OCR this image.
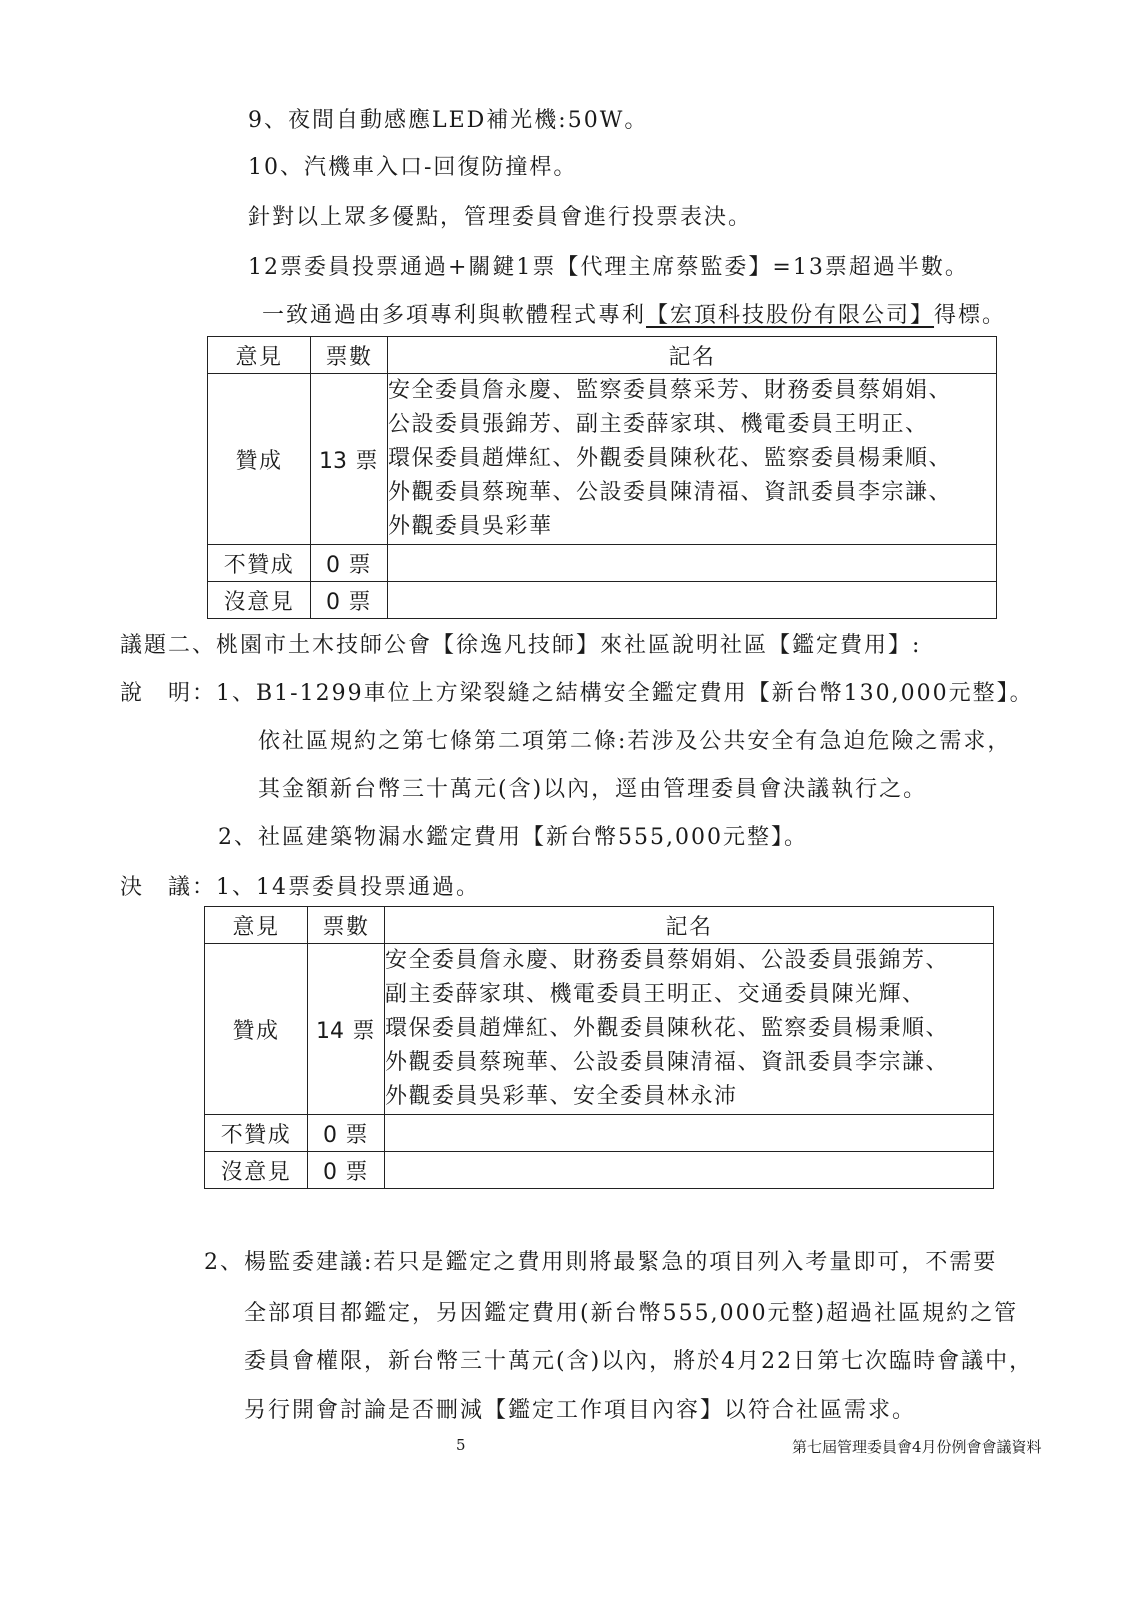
9、夜間自動感應LED補光機:50W。
10、汽機車入口-回復防撞桿。
針對以上眾多優點，管理委員會進行投票表決。
12票委員投票通過+關鍵1票【代理主席蔡監委】=13票超過半數。
一致通過由多項專利與軟體程式專利【宏頂科技股份有限公司】得標。
意見	票數	記名
贊成	13 票	安全委員詹永慶、監察委員蔡采芳、財務委員蔡娟娟、
公設委員張錦芳、副主委薛家琪、機電委員王明正、
環保委員趙燁紅、外觀委員陳秋花、監察委員楊秉順、
外觀委員蔡琬華、公設委員陳清福、資訊委員李宗謙、
外觀委員吳彩華

不贊成	0 票	
沒意見	0 票	
議題二、桃園市土木技師公會【徐逸凡技師】來社區說明社區【鑑定費用】:
說　明：1、B1-1299車位上方梁裂縫之結構安全鑑定費用【新台幣130,000元整】。
依社區規約之第七條第二項第二條:若涉及公共安全有急迫危險之需求，
其金額新台幣三十萬元(含)以內，逕由管理委員會決議執行之。
2、社區建築物漏水鑑定費用【新台幣555,000元整】。
決　議：1、14票委員投票通過。
意見	票數	記名
贊成	14 票	安全委員詹永慶、財務委員蔡娟娟、公設委員張錦芳、
副主委薛家琪、機電委員王明正、交通委員陳光輝、
環保委員趙燁紅、外觀委員陳秋花、監察委員楊秉順、
外觀委員蔡琬華、公設委員陳清福、資訊委員李宗謙、
外觀委員吳彩華、安全委員林永沛

不贊成	0 票	
沒意見	0 票	
2、楊監委建議:若只是鑑定之費用則將最緊急的項目列入考量即可，不需要
全部項目都鑑定，另因鑑定費用(新台幣555,000元整)超過社區規約之管
委員會權限，新台幣三十萬元(含)以內，將於4月22日第七次臨時會議中，
另行開會討論是否刪減【鑑定工作項目內容】以符合社區需求。
5	第七屆管理委員會4月份例會會議資料
